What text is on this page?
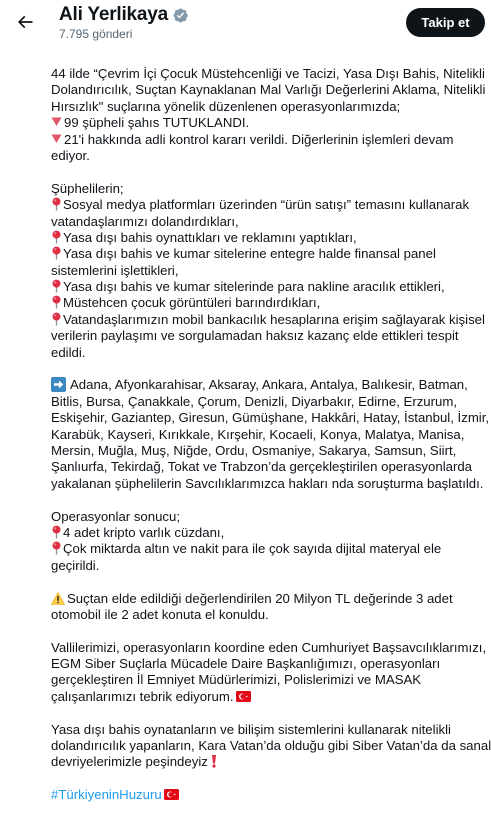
Ali Yerlikaya
7.795 gönderi
Takip et
44 ilde “Çevrim İçi Çocuk Müstehcenliği ve Tacizi, Yasa Dışı Bahis, Nitelikli
Dolandırıcılık, Suçtan Kaynaklanan Mal Varlığı Değerlerini Aklama, Nitelikli
Hırsızlık" suçlarına yönelik düzenlenen operasyonlarımızda;
99 şüpheli şahıs TUTUKLANDI.
21'i hakkında adli kontrol kararı verildi. Diğerlerinin işlemleri devam
ediyor.
Şüphelilerin;
Sosyal medya platformları üzerinden “ürün satışı” temasını kullanarak
vatandaşlarımızı dolandırdıkları,
Yasa dışı bahis oynattıkları ve reklamını yaptıkları,
Yasa dışı bahis ve kumar sitelerine entegre halde finansal panel
sistemlerini işlettikleri,
Yasa dışı bahis ve kumar sitelerinde para nakline aracılık ettikleri,
Müstehcen çocuk görüntüleri barındırdıkları,
Vatandaşlarımızın mobil bankacılık hesaplarına erişim sağlayarak kişisel
verilerin paylaşımı ve sorgulamadan haksız kazanç elde ettikleri tespit
edildi.
Adana, Afyonkarahisar, Aksaray, Ankara, Antalya, Balıkesir, Batman,
Bitlis, Bursa, Çanakkale, Çorum, Denizli, Diyarbakır, Edirne, Erzurum,
Eskişehir, Gaziantep, Giresun, Gümüşhane, Hakkâri, Hatay, İstanbul, İzmir,
Karabük, Kayseri, Kırıkkale, Kırşehir, Kocaeli, Konya, Malatya, Manisa,
Mersin, Muğla, Muş, Niğde, Ordu, Osmaniye, Sakarya, Samsun, Siirt,
Şanlıurfa, Tekirdağ, Tokat ve Trabzon’da gerçekleştirilen operasyonlarda
yakalanan şüphelilerin Savcılıklarımızca hakları nda soruşturma başlatıldı.
Operasyonlar sonucu;
4 adet kripto varlık cüzdanı,
Çok miktarda altın ve nakit para ile çok sayıda dijital materyal ele
geçirildi.
Suçtan elde edildiği değerlendirilen 20 Milyon TL değerinde 3 adet
otomobil ile 2 adet konuta el konuldu.
Vallilerimizi, operasyonların koordine eden Cumhuriyet Başsavcılıklarımızı,
EGM Siber Suçlarla Mücadele Daire Başkanlığımızı, operasyonları
gerçekleştiren İl Emniyet Müdürlerimizi, Polislerimizi ve MASAK
çalışanlarımızı tebrik ediyorum.
Yasa dışı bahis oynatanların ve bilişim sistemlerini kullanarak nitelikli
dolandırıcılık yapanların, Kara Vatan’da olduğu gibi Siber Vatan’da da sanal
devriyelerimizle peşindeyiz
#TürkiyeninHuzuru
